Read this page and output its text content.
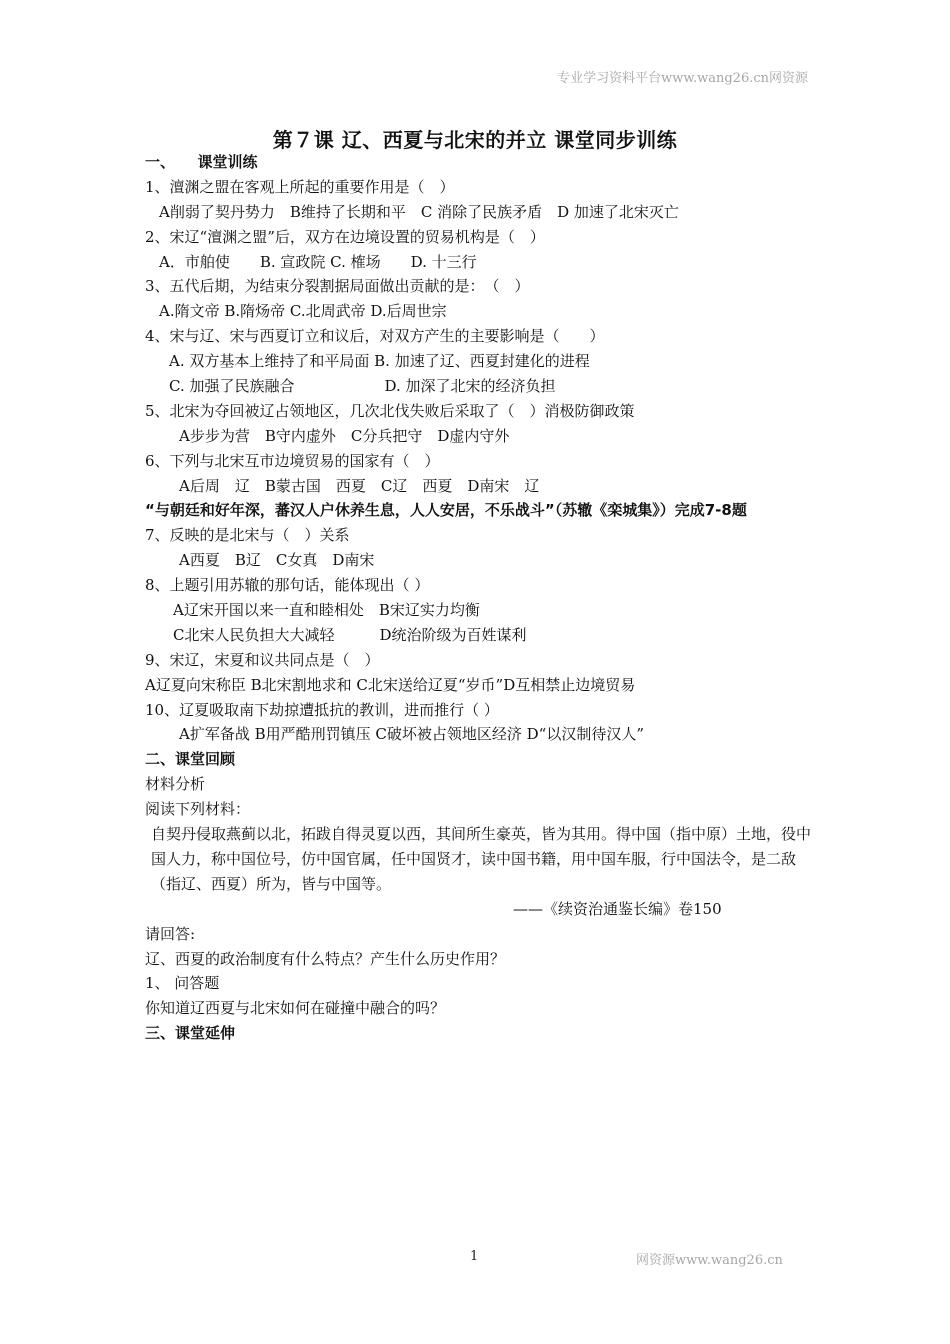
专业学习资料平台www.wang26.cn网资源
第７课 辽、西夏与北宋的并立 课堂同步训练
一、　　课堂训练
1、澶渊之盟在客观上所起的重要作用是（　）
A削弱了契丹势力　B维持了长期和平　C 消除了民族矛盾　D 加速了北宋灭亡
2、宋辽“澶渊之盟”后，双方在边境设置的贸易机构是（　）
A．市舶使　　B. 宣政院 C. 榷场　　D. 十三行
3、五代后期，为结束分裂割据局面做出贡献的是：　（　）
A.隋文帝 B.隋炀帝 C.北周武帝 D.后周世宗
4、宋与辽、宋与西夏订立和议后，对双方产生的主要影响是（　　）
A. 双方基本上维持了和平局面 B. 加速了辽、西夏封建化的进程
C. 加强了民族融合　　　　　　D. 加深了北宋的经济负担
5、北宋为夺回被辽占领地区，几次北伐失败后采取了（　）消极防御政策
A步步为营　B守内虚外　C分兵把守　D虚内守外
6、下列与北宋互市边境贸易的国家有（　）
A后周　辽　B蒙古国　西夏　C辽　西夏　D南宋　辽
“与朝廷和好年深，蕃汉人户休养生息，人人安居，不乐战斗”（苏辙《栾城集》）完成7-8题
7、反映的是北宋与（　）关系
A西夏　B辽　C女真　D南宋
8、上题引用苏辙的那句话，能体现出（ ）
A辽宋开国以来一直和睦相处　B宋辽实力均衡
C北宋人民负担大大减轻　　　D统治阶级为百姓谋利
9、宋辽，宋夏和议共同点是（　）
A辽夏向宋称臣 B北宋割地求和 C北宋送给辽夏“岁币”D互相禁止边境贸易
10、辽夏吸取南下劫掠遭抵抗的教训，进而推行（ ）
A扩军备战 B用严酷刑罚镇压 C破坏被占领地区经济 D“以汉制待汉人”
二、课堂回顾
材料分析
阅读下列材料：
自契丹侵取燕蓟以北，拓跋自得灵夏以西，其间所生豪英，皆为其用。得中国（指中原）土地，役中国人力，称中国位号，仿中国官属，任中国贤才，读中国书籍，用中国车服，行中国法令，是二敌（指辽、西夏）所为，皆与中国等。
——《续资治通鉴长编》卷150
请回答:
辽、西夏的政治制度有什么特点？产生什么历史作用？
1、 问答题
你知道辽西夏与北宋如何在碰撞中融合的吗？
三、课堂延伸
1	网资源www.wang26.cn
